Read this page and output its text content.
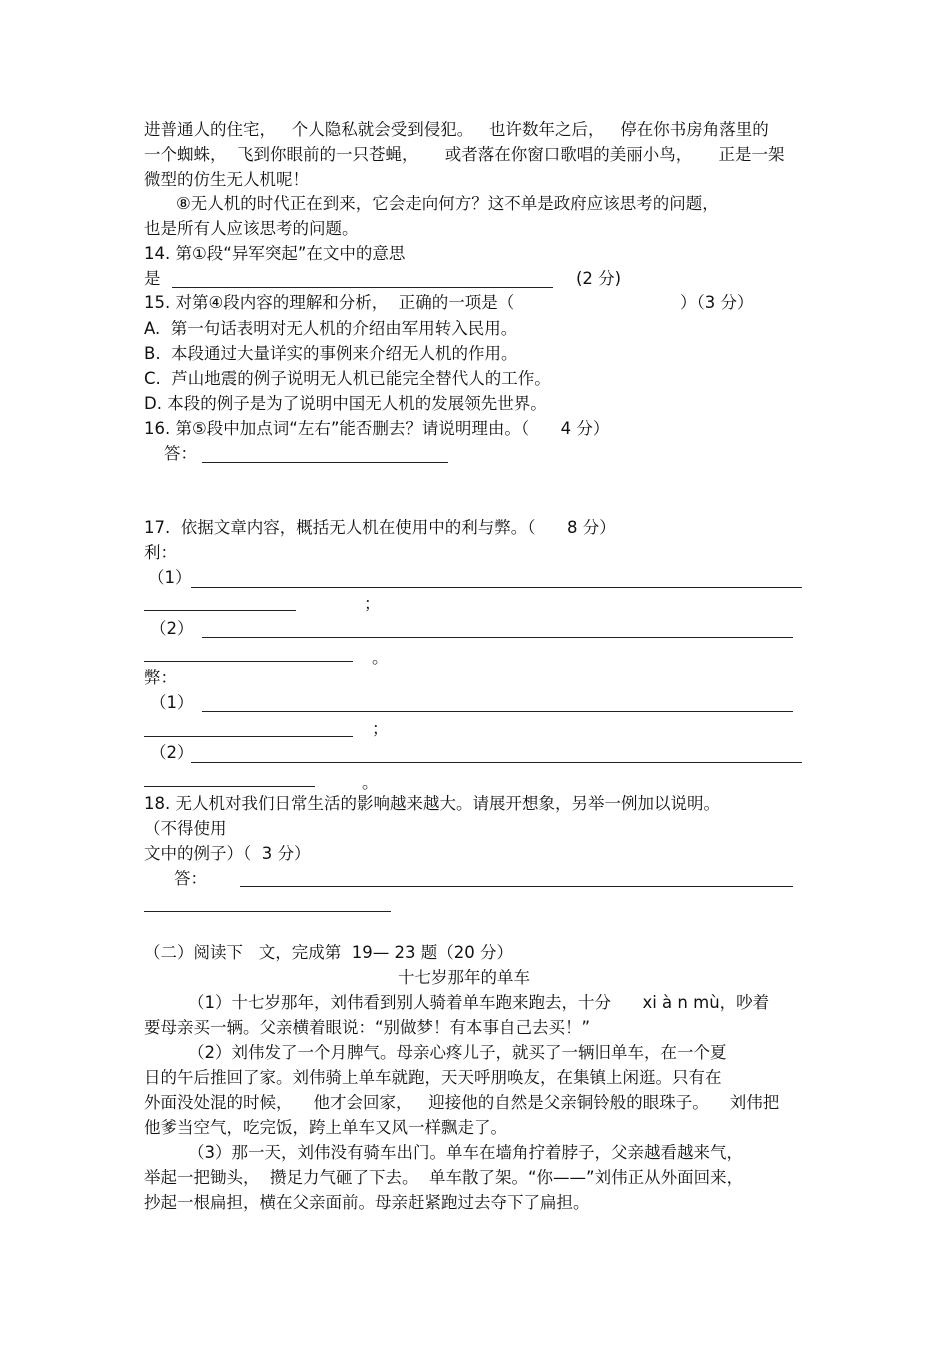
进普通人的住宅，   个人隐私就会受到侵犯。   也许数年之后，   停在你书房角落里的
一个蜘蛛，  飞到你眼前的一只苍蝇，     或者落在你窗口歌唱的美丽小鸟，     正是一架
微型的仿生无人机呢！
⑧无人机的时代正在到来，它会走向何方？这不单是政府应该思考的问题，
也是所有人应该思考的问题。
14. 第①段“异军突起”在文中的意思
是	(2 分)
15. 对第④段内容的理解和分析，  正确的一项是（	）（3 分）
A.  第一句话表明对无人机的介绍由军用转入民用。
B.  本段通过大量详实的事例来介绍无人机的作用。
C.  芦山地震的例子说明无人机已能完全替代人的工作。
D. 本段的例子是为了说明中国无人机的发展领先世界。
16. 第⑤段中加点词“左右”能否删去？请说明理由。（      4 分）
答：
17.  依据文章内容，概括无人机在使用中的利与弊。（      8 分）
利：
（1）
；
（2）
。
弊：
（1）
；
（2）
。
18. 无人机对我们日常生活的影响越来越大。请展开想象，另举一例加以说明。
（不得使用
文中的例子）（  3 分）
答：
（二）阅读下   文，完成第  19— 23 题（20 分）
十七岁那年的单车
（1）十七岁那年，刘伟看到别人骑着单车跑来跑去，十分      xi à n mù，吵着
要母亲买一辆。父亲横着眼说：“别做梦！有本事自己去买！”
（2）刘伟发了一个月脾气。母亲心疼儿子，就买了一辆旧单车，在一个夏
日的午后推回了家。刘伟骑上单车就跑，天天呼朋唤友，在集镇上闲逛。只有在
外面没处混的时候，    他才会回家，   迎接他的自然是父亲铜铃般的眼珠子。    刘伟把
他爹当空气，吃完饭，跨上单车又风一样飘走了。
（3）那一天，刘伟没有骑车出门。单车在墙角拧着脖子，父亲越看越来气，
举起一把锄头，  攒足力气砸了下去。  单车散了架。“你——”刘伟正从外面回来，
抄起一根扁担，横在父亲面前。母亲赶紧跑过去夺下了扁担。
